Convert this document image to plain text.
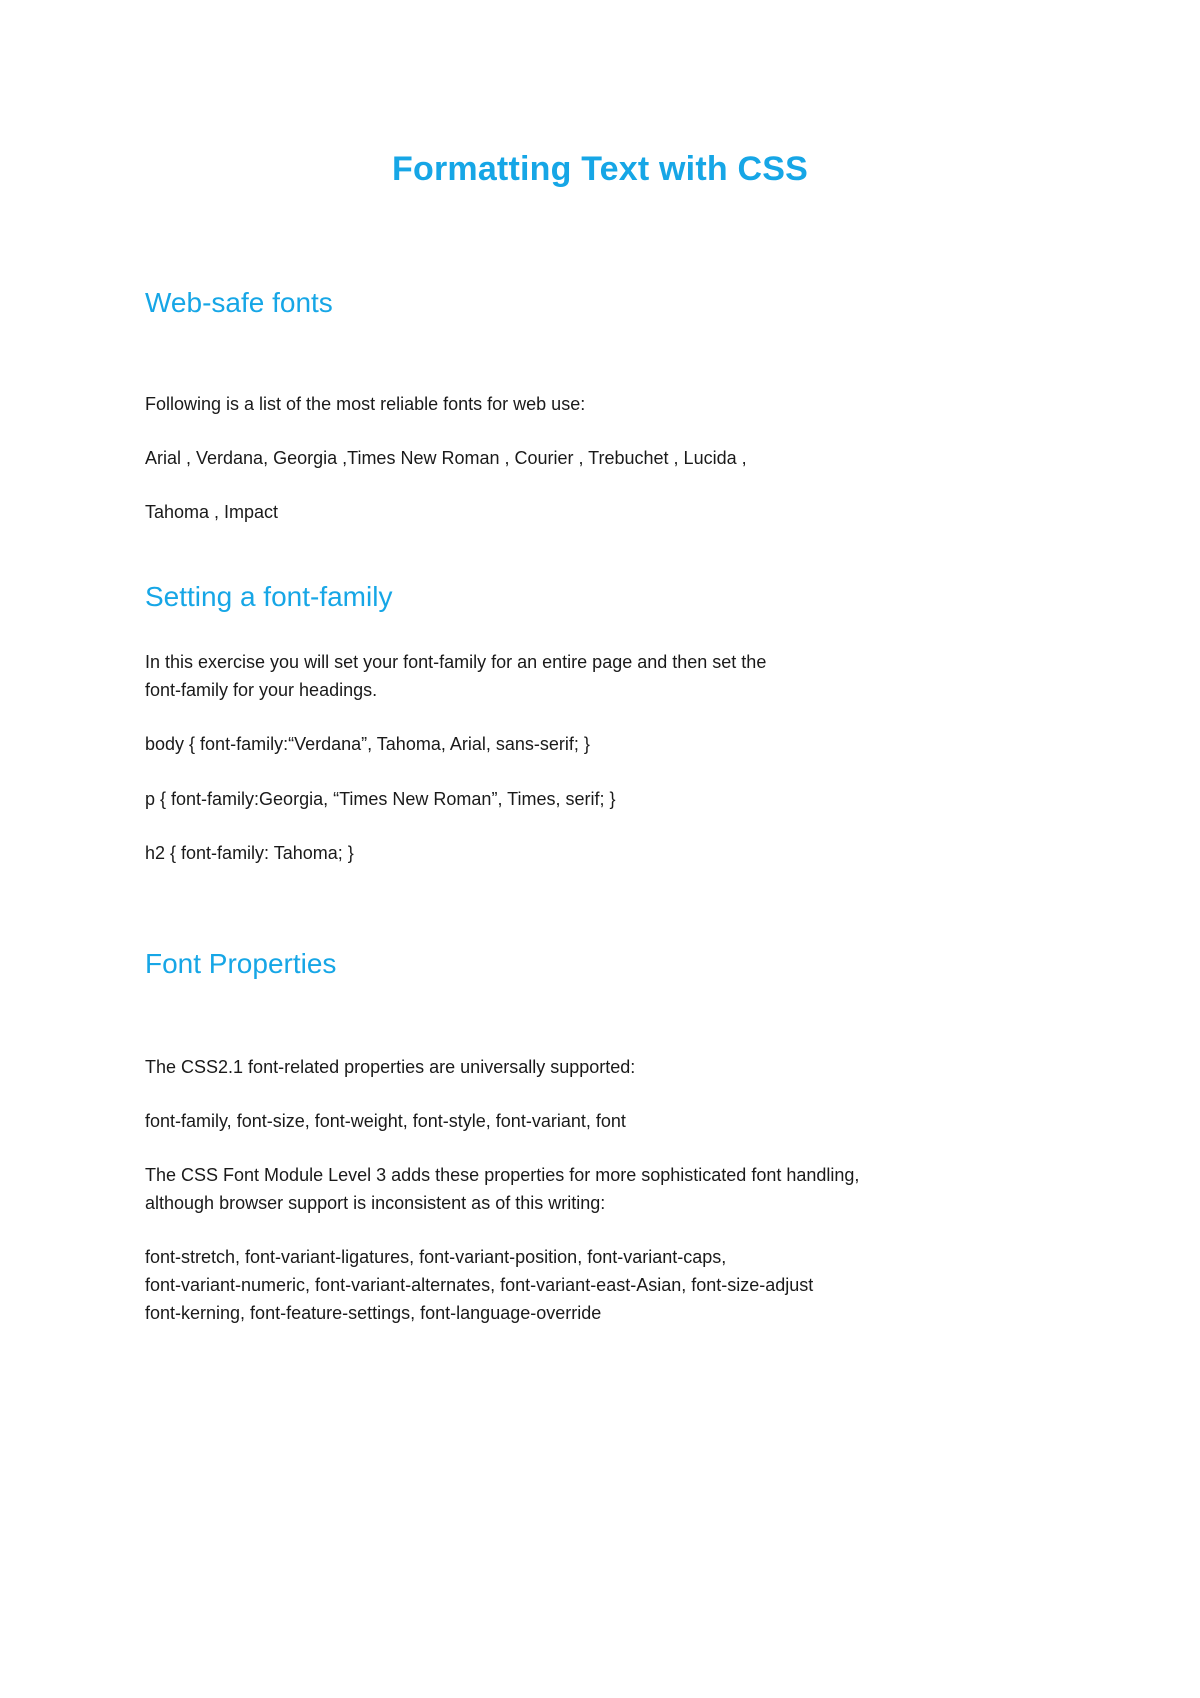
Formatting Text with CSS
Web-safe fonts
Following is a list of the most reliable fonts for web use:
Arial , Verdana, Georgia ,Times New Roman , Courier , Trebuchet , Lucida ,
Tahoma , Impact
Setting a font-family
In this exercise you will set your font-family for an entire page and then set the
font-family for your headings.
body { font-family:“Verdana”, Tahoma, Arial, sans-serif; }
p { font-family:Georgia, “Times New Roman”, Times, serif; }
h2 { font-family: Tahoma; }
Font Properties
The CSS2.1 font-related properties are universally supported:
font-family, font-size, font-weight, font-style, font-variant, font
The CSS Font Module Level 3 adds these properties for more sophisticated font handling,
although browser support is inconsistent as of this writing:
font-stretch, font-variant-ligatures, font-variant-position, font-variant-caps,
font-variant-numeric, font-variant-alternates, font-variant-east-Asian, font-size-adjust
font-kerning, font-feature-settings, font-language-override
